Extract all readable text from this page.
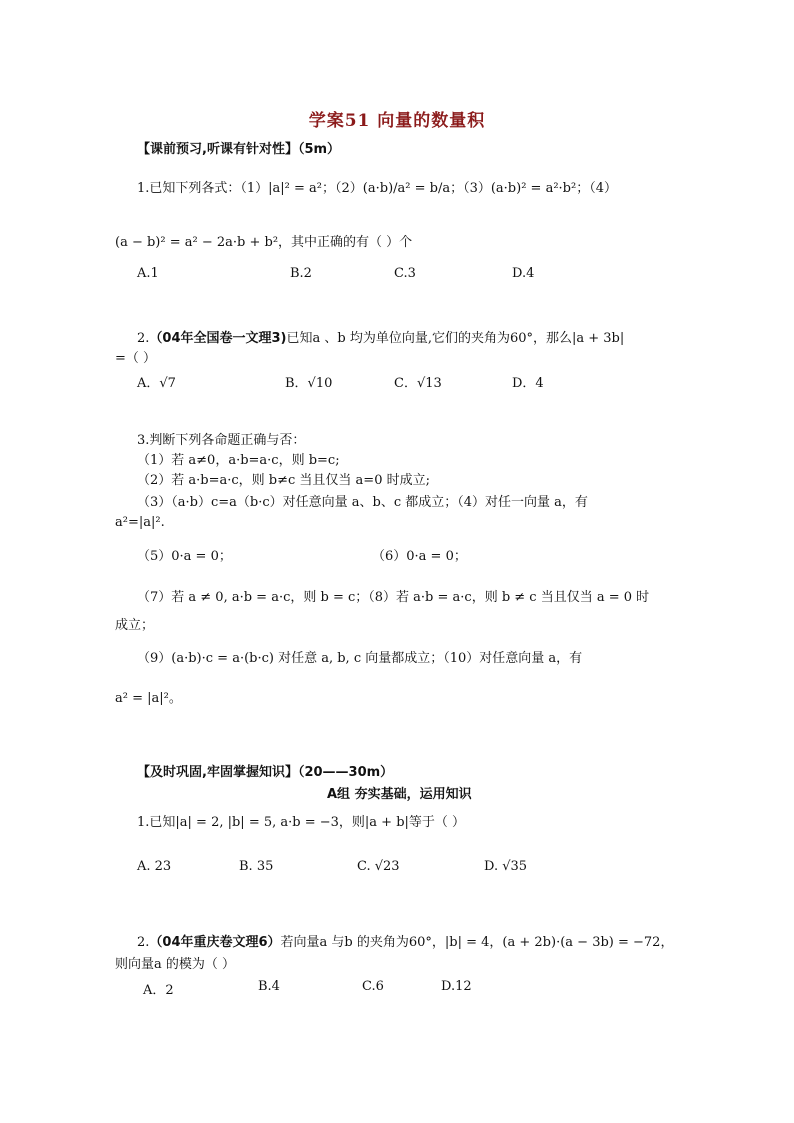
学案51 向量的数量积
【课前预习,听课有针对性】（5m）
1.已知下列各式：（1）|a|² = a²；（2）(a·b)/a² = b/a；（3）(a·b)² = a²·b²；（4）
(a − b)² = a² − 2a·b + b²，其中正确的有（ ）个
A.1	B.2	C.3	D.4
2.（04年全国卷一文理3)已知a 、b 均为单位向量,它们的夹角为60°，那么|a + 3b|
=（ ）
A．√7	B．√10	C．√13	D．4
3.判断下列各命题正确与否：
（1）若 a≠0，a·b=a·c，则 b=c;
（2）若 a·b=a·c，则 b≠c 当且仅当 a=0 时成立;
（3）（a·b）c=a（b·c）对任意向量 a、b、c 都成立；（4）对任一向量 a，有
a²=|a|².
（5）0·a = 0；	（6）0·a = 0；
（7）若 a ≠ 0, a·b = a·c，则 b = c；（8）若 a·b = a·c，则 b ≠ c 当且仅当 a = 0 时
成立；
（9）(a·b)·c = a·(b·c) 对任意 a, b, c 向量都成立；（10）对任意向量 a，有
a² = |a|²。
【及时巩固,牢固掌握知识】（20——30m）
A组 夯实基础，运用知识
1.已知|a| = 2, |b| = 5, a·b = −3，则|a + b|等于（ ）
A. 23	B. 35	C. √23	D. √35
2.（04年重庆卷文理6）若向量a 与b 的夹角为60°，|b| = 4，(a + 2b)·(a − 3b) = −72，
则向量a 的模为（ ）
A．2	B.4	C.6	D.12
